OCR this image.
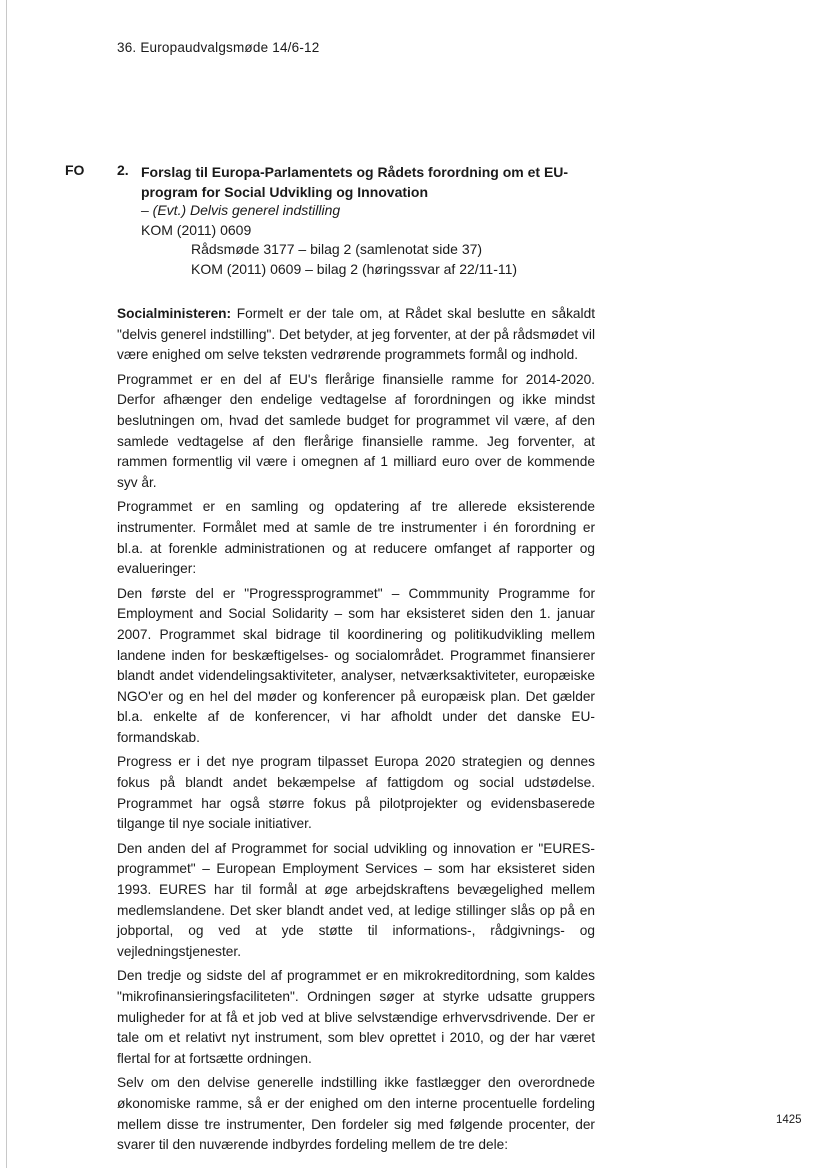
36. Europaudvalgsmøde 14/6-12
FO 2. Forslag til Europa-Parlamentets og Rådets forordning om et EU-
program for Social Udvikling og Innovation
– (Evt.) Delvis generel indstilling
KOM (2011) 0609
Rådsmøde 3177 – bilag 2 (samlenotat side 37)
KOM (2011) 0609 – bilag 2 (høringssvar af 22/11-11)

Socialministeren: Formelt er der tale om, at Rådet skal beslutte en såkaldt "delvis generel indstilling". Det betyder, at jeg forventer, at der på rådsmødet vil være enighed om selve teksten vedrørende programmets formål og indhold.

Programmet er en del af EU's flerårige finansielle ramme for 2014-2020. Derfor afhænger den endelige vedtagelse af forordningen og ikke mindst beslutningen om, hvad det samlede budget for programmet vil være, af den samlede vedtagelse af den flerårige finansielle ramme. Jeg forventer, at rammen formentlig vil være i omegnen af 1 milliard euro over de kommende syv år.

Programmet er en samling og opdatering af tre allerede eksisterende instrumenter. Formålet med at samle de tre instrumenter i én forordning er bl.a. at forenkle administrationen og at reducere omfanget af rapporter og evalueringer:

Den første del er "Progressprogrammet" – Commmunity Programme for Employment and Social Solidarity – som har eksisteret siden den 1. januar 2007. Programmet skal bidrage til koordinering og politikudvikling mellem landene inden for beskæftigelses- og socialområdet. Programmet finansierer blandt andet videndelingsaktiviteter, analyser, netværksaktiviteter, europæiske NGO'er og en hel del møder og konferencer på europæisk plan. Det gælder bl.a. enkelte af de konferencer, vi har afholdt under det danske EU-formandskab.

Progress er i det nye program tilpasset Europa 2020 strategien og dennes fokus på blandt andet bekæmpelse af fattigdom og social udstødelse. Programmet har også større fokus på pilotprojekter og evidensbaserede tilgange til nye sociale initiativer.

Den anden del af Programmet for social udvikling og innovation er "EURES-programmet" – European Employment Services – som har eksisteret siden 1993. EURES har til formål at øge arbejdskraftens bevægelighed mellem medlemslandene. Det sker blandt andet ved, at ledige stillinger slås op på en jobportal, og ved at yde støtte til informations-, rådgivnings- og vejledningstjenester.

Den tredje og sidste del af programmet er en mikrokreditordning, som kaldes "mikrofinansieringsfaciliteten". Ordningen søger at styrke udsatte gruppers muligheder for at få et job ved at blive selvstændige erhvervsdrivende. Der er tale om et relativt nyt instrument, som blev oprettet i 2010, og der har været flertal for at fortsætte ordningen.

Selv om den delvise generelle indstilling ikke fastlægger den overordnede økonomiske ramme, så er der enighed om den interne procentuelle fordeling mellem disse tre instrumenter, Den fordeler sig med følgende procenter, der svarer til den nuværende indbyrdes fordeling mellem de tre dele:

1425
